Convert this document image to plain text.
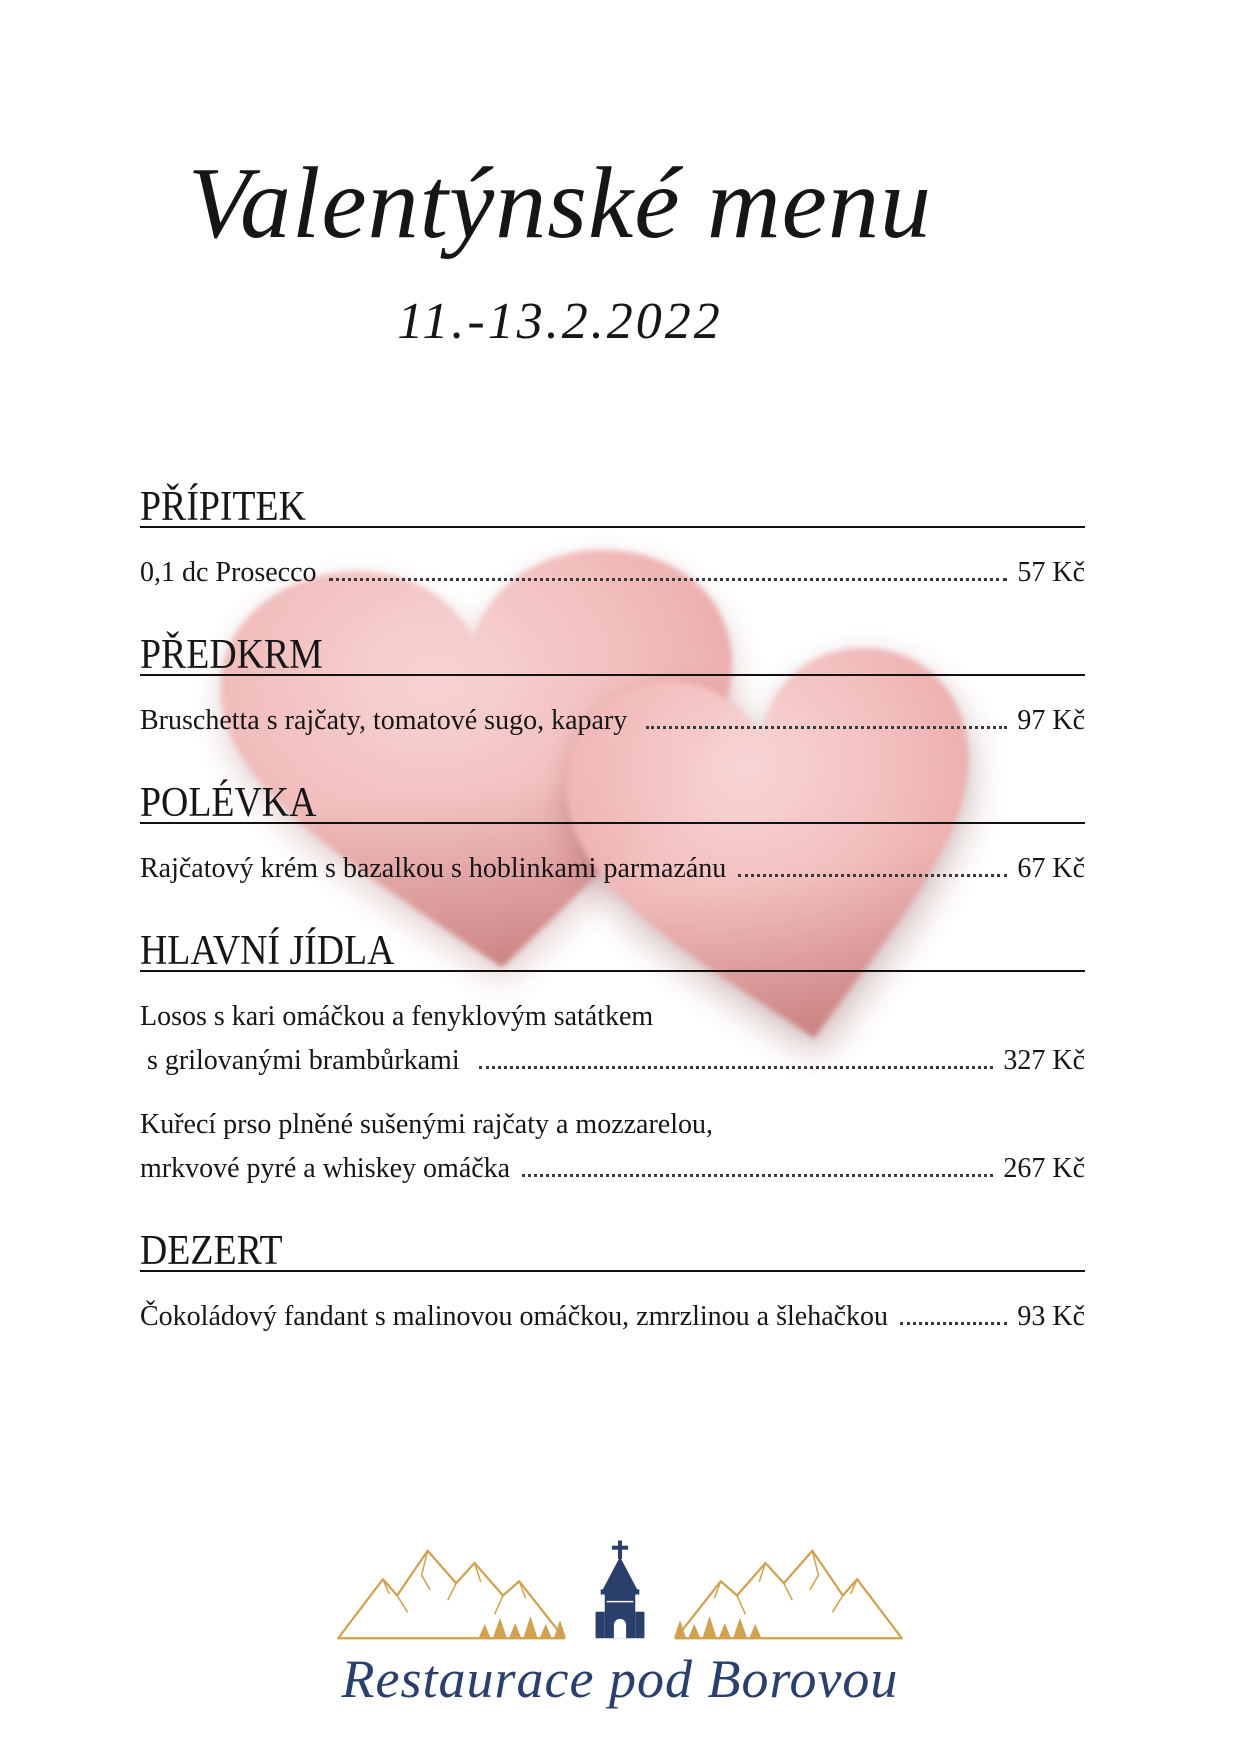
Valentýnské menu
11.-13.2.2022
PŘÍPITEK
0,1 dc Prosecco	57 Kč
PŘEDKRM
Bruschetta s rajčaty, tomatové sugo, kapary	97 Kč
POLÉVKA
Rajčatový krém s bazalkou s hoblinkami parmazánu	67 Kč
HLAVNÍ JÍDLA
Losos s kari omáčkou a fenyklovým satátkem
s grilovanými brambůrkami	327 Kč
Kuřecí prso plněné sušenými rajčaty a mozzarelou,
mrkvové pyré a whiskey omáčka	267 Kč
DEZERT
Čokoládový fandant s malinovou omáčkou, zmrzlinou a šlehačkou	93 Kč
Restaurace pod Borovou
